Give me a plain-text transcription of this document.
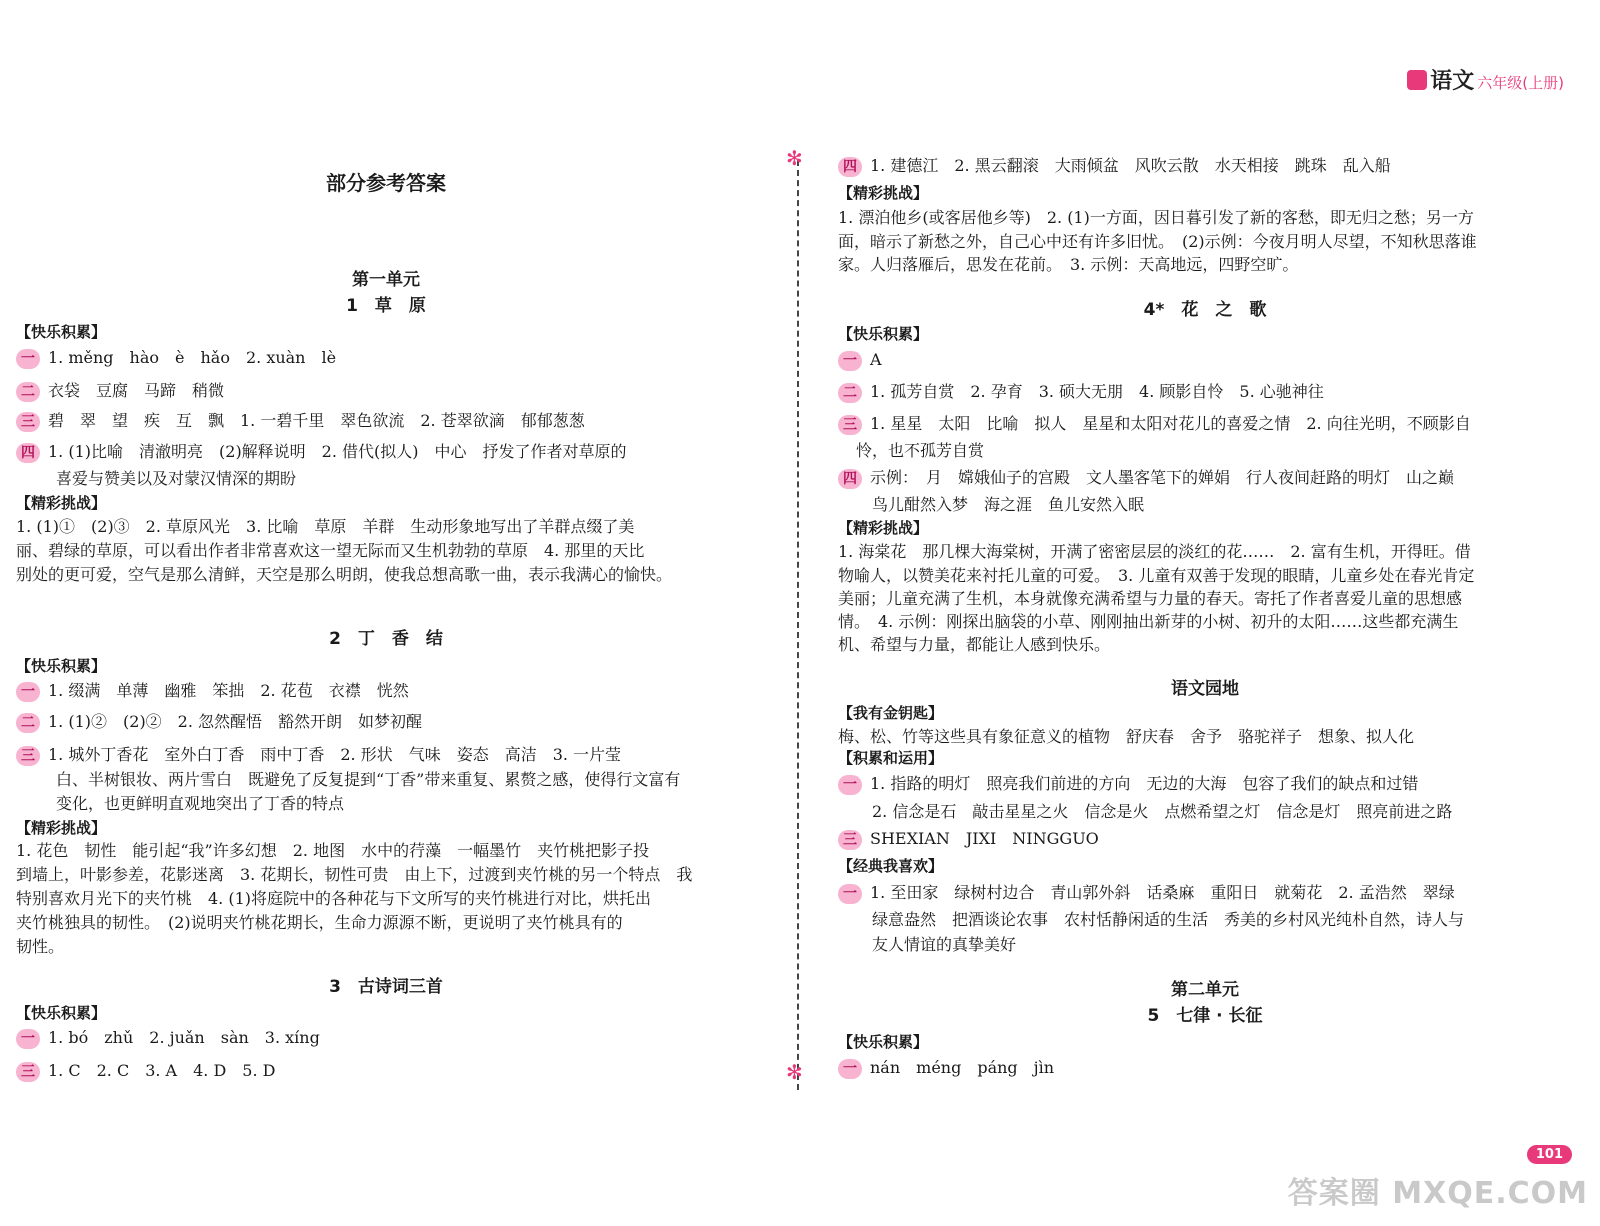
语文 六年级(上册)
✻
✻
部分参考答案
第一单元
1　草　原
【快乐积累】
一 1. měng　hào　è　hǎo　2. xuàn　lè
二 衣袋　豆腐　马蹄　稍微
三 碧　翠　望　疾　互　飘　1. 一碧千里　翠色欲流　2. 苍翠欲滴　郁郁葱葱
四 1. (1)比喻　清澈明亮　(2)解释说明　2. 借代(拟人)　中心　抒发了作者对草原的
喜爱与赞美以及对蒙汉情深的期盼
【精彩挑战】
1. (1)①　(2)③　2. 草原风光　3. 比喻　草原　羊群　生动形象地写出了羊群点缀了美
丽、碧绿的草原，可以看出作者非常喜欢这一望无际而又生机勃勃的草原　4. 那里的天比
别处的更可爱，空气是那么清鲜，天空是那么明朗，使我总想高歌一曲，表示我满心的愉快。
2　丁　香　结
【快乐积累】
一 1. 缀满　单薄　幽雅　笨拙　2. 花苞　衣襟　恍然
二 1. (1)②　(2)②　2. 忽然醒悟　豁然开朗　如梦初醒
三 1. 城外丁香花　室外白丁香　雨中丁香　2. 形状　气味　姿态　高洁　3. 一片莹
白、半树银妆、两片雪白　既避免了反复提到“丁香”带来重复、累赘之感，使得行文富有
变化，也更鲜明直观地突出了丁香的特点
【精彩挑战】
1. 花色　韧性　能引起“我”许多幻想　2. 地图　水中的荇藻　一幅墨竹　夹竹桃把影子投
到墙上，叶影参差，花影迷离　3. 花期长，韧性可贵　由上下，过渡到夹竹桃的另一个特点　我
特别喜欢月光下的夹竹桃　4. (1)将庭院中的各种花与下文所写的夹竹桃进行对比，烘托出
夹竹桃独具的韧性。　(2)说明夹竹桃花期长，生命力源源不断，更说明了夹竹桃具有的
韧性。
3　古诗词三首
【快乐积累】
一 1. bó　zhǔ　2. juǎn　sàn　3. xíng
三 1. C　2. C　3. A　4. D　5. D
四 1. 建德江　2. 黑云翻滚　大雨倾盆　风吹云散　水天相接　跳珠　乱入船
【精彩挑战】
1. 漂泊他乡(或客居他乡等)　2. (1)一方面，因日暮引发了新的客愁，即无归之愁；另一方
面，暗示了新愁之外，自己心中还有许多旧忧。　(2)示例：今夜月明人尽望，不知秋思落谁
家。人归落雁后，思发在花前。　3. 示例：天高地远，四野空旷。
4*　花　之　歌
【快乐积累】
一 A
二 1. 孤芳自赏　2. 孕育　3. 硕大无朋　4. 顾影自怜　5. 心驰神往
三 1. 星星　太阳　比喻　拟人　星星和太阳对花儿的喜爱之情　2. 向往光明，不顾影自
怜，也不孤芳自赏
四 示例：　月　嫦娥仙子的宫殿　文人墨客笔下的婵娟　行人夜间赶路的明灯　山之巅
鸟儿酣然入梦　海之涯　鱼儿安然入眠
【精彩挑战】
1. 海棠花　那几棵大海棠树，开满了密密层层的淡红的花……　2. 富有生机，开得旺。借
物喻人，以赞美花来衬托儿童的可爱。　3. 儿童有双善于发现的眼睛，儿童乡处在春光肯定
美丽；儿童充满了生机，本身就像充满希望与力量的春天。寄托了作者喜爱儿童的思想感
情。　4. 示例：刚探出脑袋的小草、刚刚抽出新芽的小树、初升的太阳……这些都充满生
机、希望与力量，都能让人感到快乐。
语文园地
【我有金钥匙】
梅、松、竹等这些具有象征意义的植物　舒庆春　舍予　骆驼祥子　想象、拟人化
【积累和运用】
一 1. 指路的明灯　照亮我们前进的方向　无边的大海　包容了我们的缺点和过错
2. 信念是石　敲击星星之火　信念是火　点燃希望之灯　信念是灯　照亮前进之路
三 SHEXIAN　JIXI　NINGGUO
【经典我喜欢】
一 1. 至田家　绿树村边合　青山郭外斜　话桑麻　重阳日　就菊花　2. 孟浩然　翠绿
绿意盎然　把酒谈论农事　农村恬静闲适的生活　秀美的乡村风光纯朴自然，诗人与
友人情谊的真挚美好
第二单元
5　七律 · 长征
【快乐积累】
一 nán　méng　páng　jìn
101
答案圈 MXQE.COM
